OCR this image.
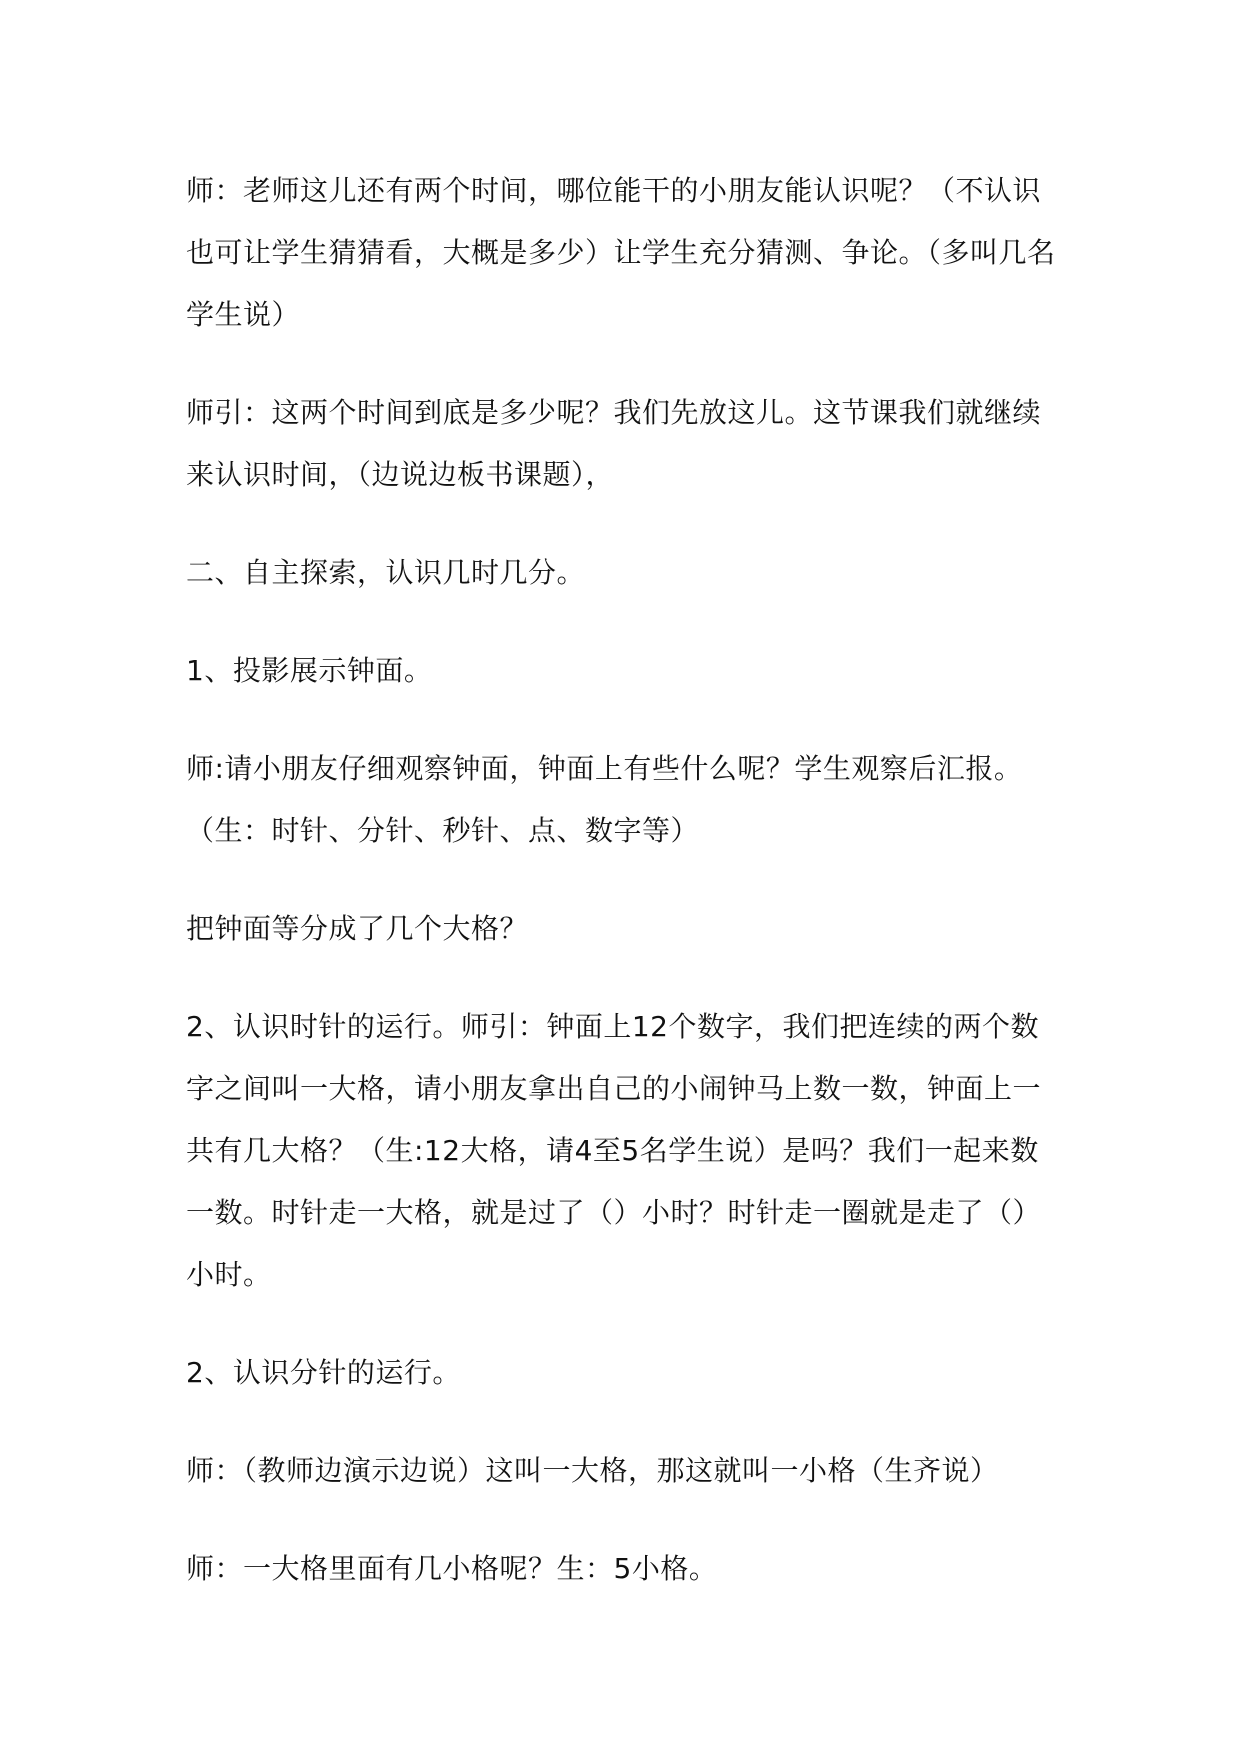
师：老师这儿还有两个时间，哪位能干的小朋友能认识呢？（不认识也可让学生猜猜看，大概是多少）让学生充分猜测、争论。（多叫几名学生说）

师引：这两个时间到底是多少呢？我们先放这儿。这节课我们就继续来认识时间，（边说边板书课题），

二、自主探索，认识几时几分。

1、投影展示钟面。

师:请小朋友仔细观察钟面，钟面上有些什么呢？学生观察后汇报。（生：时针、分针、秒针、点、数字等）

把钟面等分成了几个大格？

2、认识时针的运行。师引：钟面上12个数字，我们把连续的两个数字之间叫一大格，请小朋友拿出自己的小闹钟马上数一数，钟面上一共有几大格？（生:12大格，请4至5名学生说）是吗？我们一起来数一数。时针走一大格，就是过了（）小时？时针走一圈就是走了（）小时。

2、认识分针的运行。

师：（教师边演示边说）这叫一大格，那这就叫一小格（生齐说）

师：一大格里面有几小格呢？生：5小格。
